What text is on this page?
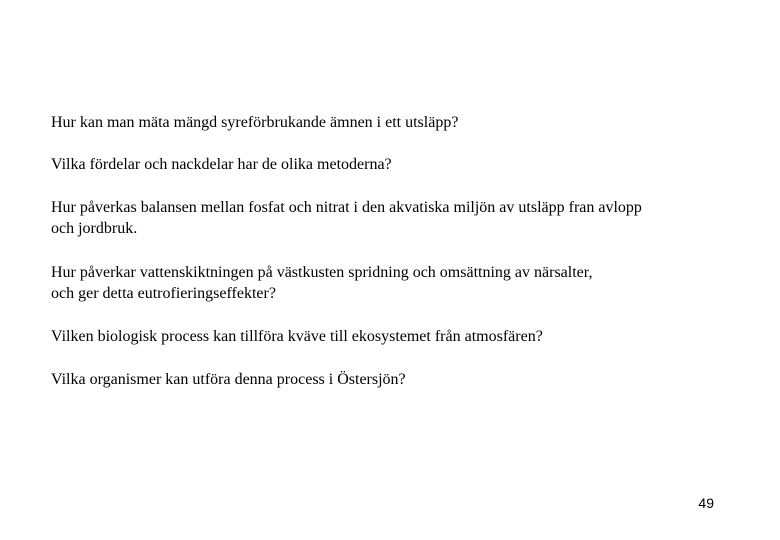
Hur kan man mäta mängd syreförbrukande ämnen i ett utsläpp?

Vilka fördelar och nackdelar har de olika metoderna?

Hur påverkas balansen mellan fosfat och nitrat i den akvatiska miljön av utsläpp fran avlopp
och jordbruk.

Hur påverkar vattenskiktningen på västkusten spridning och omsättning av närsalter,
och ger detta eutrofieringseffekter?

Vilken biologisk process kan tillföra kväve till ekosystemet från atmosfären?

Vilka organismer kan utföra denna process i Östersjön?

49
